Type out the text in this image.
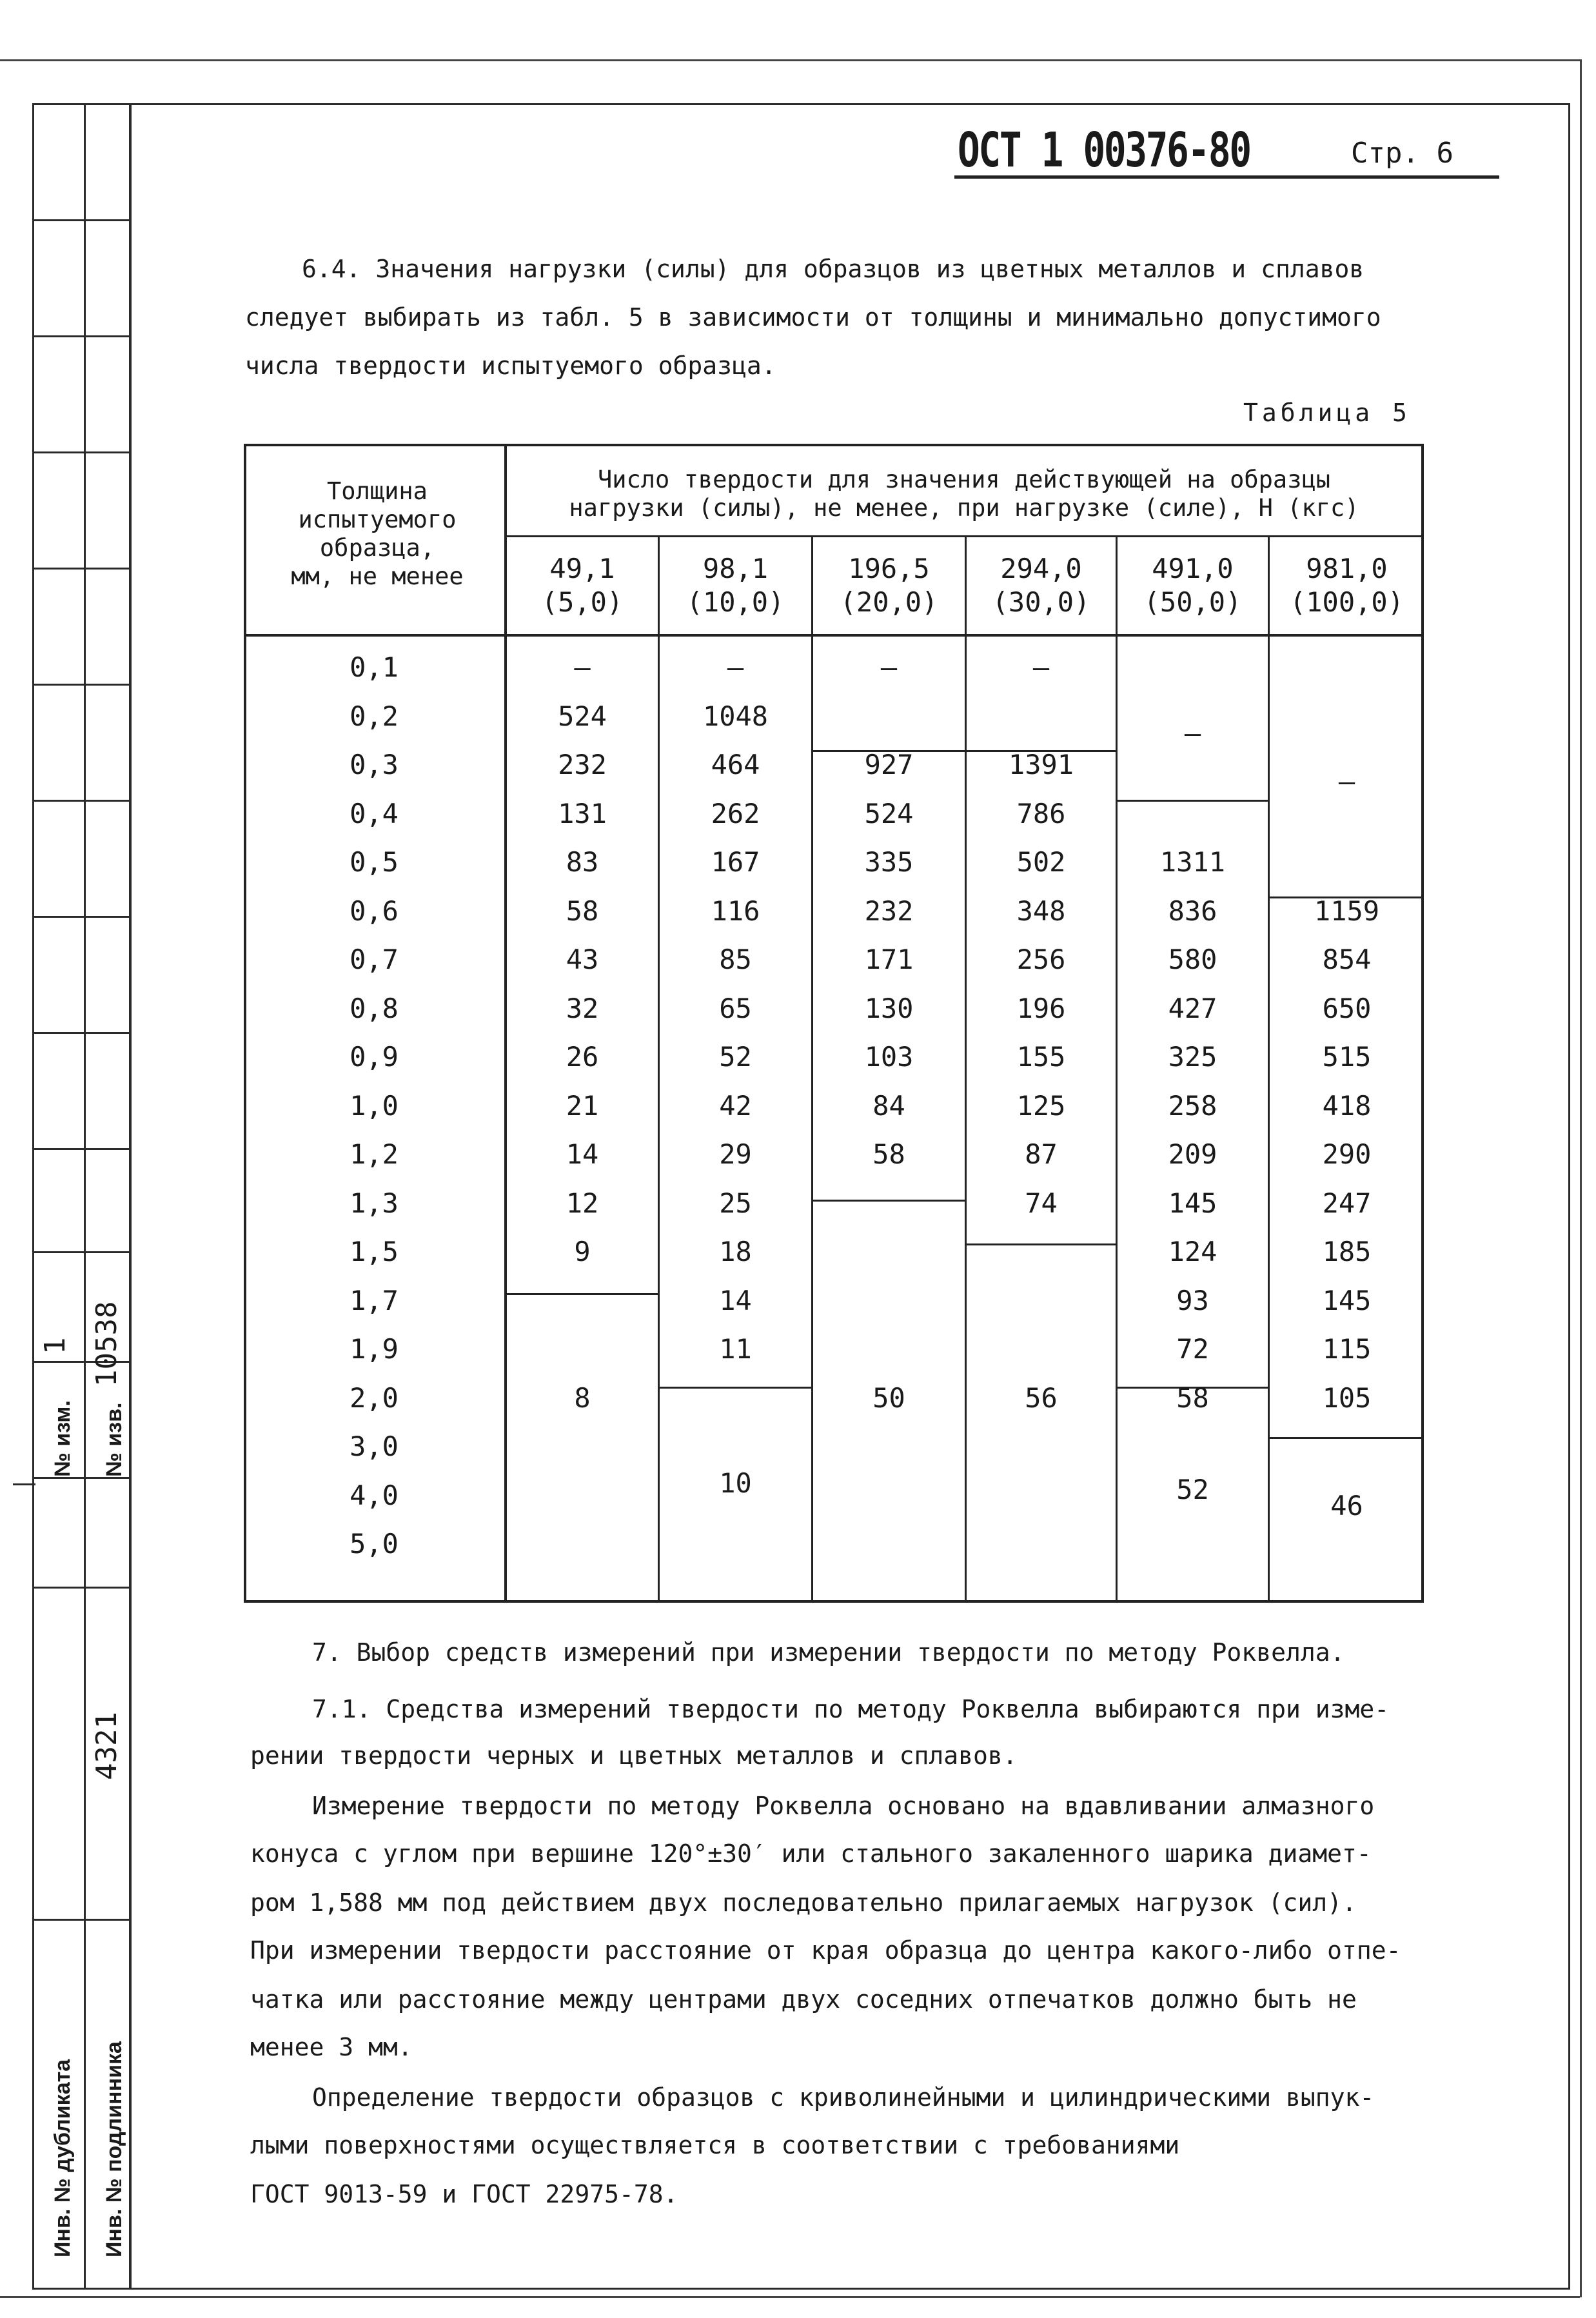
1 10538
№ изм. № изв.
4321
Инв. № дубликата Инв. № подлинника
ОСТ 1 00376-80	Стр. 6
6.4. Значения нагрузки (силы) для образцов из цветных металлов и сплавов
следует выбирать из табл. 5 в зависимости от толщины и минимально допустимого
числа твердости испытуемого образца.
Таблица 5
Толщина
испытуемого
образца,
мм, не менее
Число твердости для значения действующей на образцы
нагрузки (силы), не менее, при нагрузке (силе), Н (кгс)
49,1
(5,0)
98,1
(10,0)
196,5
(20,0)
294,0
(30,0)
491,0
(50,0)
981,0
(100,0)
0,1
0,2
0,3
0,4
0,5
0,6
0,7
0,8
0,9
1,0
1,2
1,3
1,5
1,7
1,9
2,0
3,0
4,0
5,0
–
524
232
131
83
58
43
32
26
21
14
12
9
8
–
1048
464
262
167
116
85
65
52
42
29
25
18
14
11
10
–
927
524
335
232
171
130
103
84
58
50
–
1391
786
502
348
256
196
155
125
87
74
56
–
1311
836
580
427
325
258
209
145
124
93
72
58
52
–
1159
854
650
515
418
290
247
185
145
115
105
46
7. Выбор средств измерений при измерении твердости по методу Роквелла.
7.1. Средства измерений твердости по методу Роквелла выбираются при изме-
рении твердости черных и цветных металлов и сплавов.
Измерение твердости по методу Роквелла основано на вдавливании алмазного
конуса с углом при вершине 120°±30′ или стального закаленного шарика диамет-
ром 1,588 мм под действием двух последовательно прилагаемых нагрузок (сил).
При измерении твердости расстояние от края образца до центра какого-либо отпе-
чатка или расстояние между центрами двух соседних отпечатков должно быть не
менее 3 мм.
Определение твердости образцов с криволинейными и цилиндрическими выпук-
лыми поверхностями осуществляется в соответствии с требованиями
ГОСТ 9013-59 и ГОСТ 22975-78.
